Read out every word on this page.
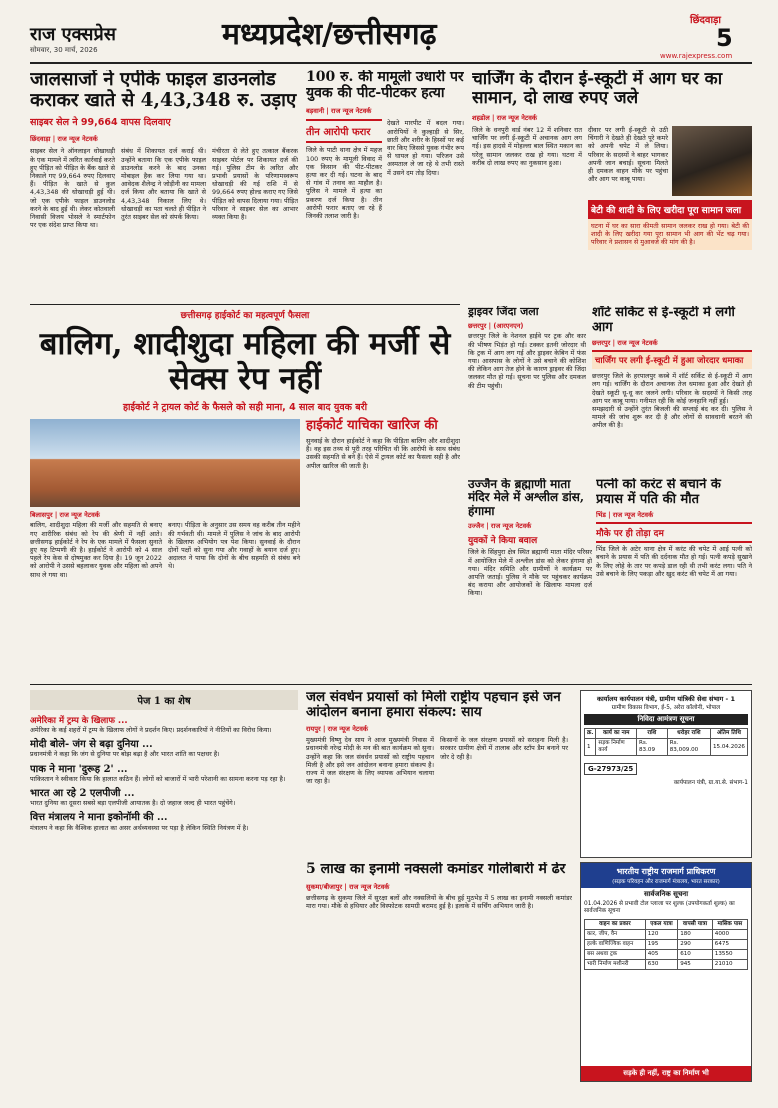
राज एक्सप्रेस
सोमवार, 30 मार्च, 2026	मध्यप्रदेश/छत्तीसगढ़	छिंदवाड़ा
5
www.rajexpress.com
जालसाजों ने एपीके फाइल डाउनलोड कराकर खाते से 4,43,348 रु. उड़ाए
साइबर सेल ने 99,664 वापस दिलवाए
छिंदवाड़ा | राज न्यूज नेटवर्क
साइबर सेल ने ऑनलाइन धोखाधड़ी के एक मामले में त्वरित कार्रवाई करते हुए पीड़ित को पीड़ित के बैंक खाते से निकाले गए 99,664 रुपए दिलवाए हैं। पीड़ित के खाते से कुल 4,43,348 की धोखाधड़ी हुई थी। जो एक एपीके फाइल डाउनलोड करने के बाद हुई थी। लेकर कोतवाली निवासी विजय भोसले ने स्मार्टफोन पर एक संदेश प्राप्त किया था।
संबंध में शिकायत दर्ज कराई थी। उन्होंने बताया कि एक एपीके फाइल डाउनलोड करने के बाद उनका मोबाइल हैक कर लिया गया था। आवेदक शैलेन्द्र ने जोड़ीनी का मामला दर्ज किया और बताया कि खाते से 4,43,348 निकाल लिए थे। धोखाधड़ी का पता चलते ही पीड़ित ने तुरंत साइबर सेल को संपर्क किया।
मंचीरता से लेते हुए तत्काल बैंकरक साइबर पोर्टल पर शिकायत दर्ज की गई। पुलिस टीम के त्वरित और प्रभावी प्रयासों के परिणामस्वरूप धोखाधड़ी की गई राशि में से 99,664 रुपए होल्ड कराए गए जिसे पीड़ित को वापस दिलाया गया। पीड़ित परिवार ने साइबर सेल का आभार व्यक्त किया है।
100 रु. की मामूली उधारी पर युवक की पीट-पीटकर हत्या
बड़वानी | राज न्यूज नेटवर्क
तीन आरोपी फरार
जिले के पाटी थाना क्षेत्र में महज 100 रुपए के मामूली विवाद में एक किसान की पीट-पीटकर हत्या कर दी गई। घटना के बाद से गांव में तनाव का माहौल है। पुलिस ने मामले में हत्या का प्रकरण दर्ज किया है। तीन आरोपी फरार बताए जा रहे हैं जिनकी तलाश जारी है।
देखते मारपीट में बदल गया। आरोपियों ने कुल्हाड़ी से सिर, छाती और शरीर के हिस्सों पर कई वार किए जिससे युवक गंभीर रूप से घायल हो गया। परिजन उसे अस्पताल ले जा रहे थे तभी रास्ते में उसने दम तोड़ दिया।
चार्जिंग के दौरान ई-स्कूटी में आग घर का सामान, दो लाख रुपए जले
शहडोल | राज न्यूज नेटवर्क
जिले के धनपुरी वार्ड नंबर 12 में शनिवार रात चार्जिंग पर लगी ई-स्कूटी में अचानक आग लग गई। इस हादसे में मोहल्ला बाल स्थित मकान का घरेलू सामान जलकर राख हो गया। घटना में करीब दो लाख रुपए का नुकसान हुआ।
दीवार पर लगी ई-स्कूटी से उठी चिंगारी ने देखते ही देखते पूरे कमरे को अपनी चपेट में ले लिया। परिवार के सदस्यों ने बाहर भागकर अपनी जान बचाई। सूचना मिलते ही दमकल वाहन मौके पर पहुंचा और आग पर काबू पाया।
बेटी की शादी के लिए खरीदा पूरा सामान जला
घटना में घर का सारा कीमती सामान जलकर राख हो गया। बेटी की शादी के लिए खरीदा गया पूरा सामान भी आग की भेंट चढ़ गया। परिवार ने प्रशासन से मुआवजे की मांग की है।
छत्तीसगढ़ हाईकोर्ट का महत्वपूर्ण फैसला
बालिग, शादीशुदा महिला की मर्जी से सेक्स रेप नहीं
हाईकोर्ट ने ट्रायल कोर्ट के फैसले को सही माना, 4 साल बाद युवक बरी
बिलासपुर | राज न्यूज नेटवर्क
बालिग, शादीशुदा महिला की मर्जी और सहमति से बनाए गए शारीरिक संबंध को रेप की श्रेणी में नहीं आते। छत्तीसगढ़ हाईकोर्ट ने रेप के एक मामले में फैसला सुनाते हुए यह टिप्पणी की है। हाईकोर्ट ने आरोपी को 4 साल पहले रेप केस से दोषमुक्त कर दिया है। 19 जून 2022 को आरोपी ने उससे बहलाकर युवक और महिला को अपने साथ ले गया था।
बनाए। पीड़िता के अनुसार उस समय वह करीब तीन महीने की गर्भवती थी। मामले में पुलिस ने जांच के बाद आरोपी के खिलाफ अभियोग पत्र पेश किया। सुनवाई के दौरान दोनों पक्षों को सुना गया और गवाहों के बयान दर्ज हुए। अदालत ने पाया कि दोनों के बीच सहमति से संबंध बने थे।
हाईकोर्ट याचिका खारिज की
सुनवाई के दौरान हाईकोर्ट ने कहा कि पीड़िता बालिग और शादीशुदा है। वह इस तथ्य से पूरी तरह परिचित थी कि आरोपी के साथ संबंध उसकी सहमति से बने हैं। ऐसे में ट्रायल कोर्ट का फैसला सही है और अपील खारिज की जाती है।
ड्राइवर जिंदा जला
छत्तरपुर | (आरएनएन)
छत्तरपुर जिले के नेशनल हाईवे पर ट्रक और कार की भीषण भिड़ंत हो गई। टक्कर इतनी जोरदार थी कि ट्रक में आग लग गई और ड्राइवर केबिन में फंस गया। आसपास के लोगों ने उसे बचाने की कोशिश की लेकिन आग तेज होने के कारण ड्राइवर की जिंदा जलकर मौत हो गई। सूचना पर पुलिस और दमकल की टीम पहुंची।
शॉर्ट सर्किट से ई-स्कूटी में लगी आग
छत्तरपुर | राज न्यूज नेटवर्क
चार्जिंग पर लगी ई-स्कूटी में हुआ जोरदार धमाका
छत्तरपुर जिले के हरपालपुर कस्बे में शॉर्ट सर्किट से ई-स्कूटी में आग लग गई। चार्जिंग के दौरान अचानक तेज धमाका हुआ और देखते ही देखते स्कूटी धू-धू कर जलने लगी। परिवार के सदस्यों ने किसी तरह आग पर काबू पाया। गनीमत रही कि कोई जनहानि नहीं हुई।
समझदारी से उन्होंने तुरंत बिजली की सप्लाई बंद कर दी। पुलिस ने मामले की जांच शुरू कर दी है और लोगों से सावधानी बरतने की अपील की है।
उज्जैन के ब्रह्माणी माता मंदिर मेले में अश्लील डांस, हंगामा
उज्जैन | राज न्यूज नेटवर्क
युवकों ने किया बवाल
जिले के सिंहपुरा क्षेत्र स्थित ब्रह्माणी माता मंदिर परिसर में आयोजित मेले में अश्लील डांस को लेकर हंगामा हो गया। मंदिर समिति और ग्रामीणों ने कार्यक्रम पर आपत्ति जताई। पुलिस ने मौके पर पहुंचकर कार्यक्रम बंद कराया और आयोजकों के खिलाफ मामला दर्ज किया।
पत्नी को करंट से बचाने के प्रयास में पति की मौत
भिंड | राज न्यूज नेटवर्क
मौके पर ही तोड़ा दम
भिंड जिले के अटेर थाना क्षेत्र में करंट की चपेट में आई पत्नी को बचाने के प्रयास में पति की दर्दनाक मौत हो गई। पत्नी कपड़े सुखाने के लिए लोहे के तार पर कपड़े डाल रही थी तभी करंट लगा। पति ने उसे बचाने के लिए पकड़ा और खुद करंट की चपेट में आ गया।
पेज 1 का शेष
अमेरिका में ट्रम्प के खिलाफ ...
अमेरिका के कई शहरों में ट्रम्प के खिलाफ लोगों ने प्रदर्शन किए। प्रदर्शनकारियों ने नीतियों का विरोध किया।
मोदी बोले- जंग से बढ़ा दुनिया ...
प्रधानमंत्री ने कहा कि जंग से दुनिया पर बोझ बढ़ा है और भारत शांति का पक्षधर है।
पाक ने माना 'दुरूह 2' ...
पाकिस्तान ने स्वीकार किया कि हालात कठिन हैं। लोगों को बाजारों में भारी परेशानी का सामना करना पड़ रहा है।
भारत आ रहे 2 एलपीजी ...
भारत दुनिया का दूसरा सबसे बड़ा एलपीजी आयातक है। दो जहाज जल्द ही भारत पहुंचेंगे।
वित्त मंत्रालय ने माना इकोनॉमी की ...
मंत्रालय ने कहा कि वैश्विक हालात का असर अर्थव्यवस्था पर पड़ा है लेकिन स्थिति नियंत्रण में है।
जल संवर्धन प्रयासों को मिली राष्ट्रीय पहचान इसे जन आंदोलन बनाना हमारा संकल्प: साय
रायपुर | राज न्यूज नेटवर्क
मुख्यमंत्री विष्णु देव साय ने आज मुख्यमंत्री निवास में प्रधानमंत्री नरेन्द्र मोदी के मन की बात कार्यक्रम को सुना। उन्होंने कहा कि जल संवर्धन प्रयासों को राष्ट्रीय पहचान मिली है और इसे जन आंदोलन बनाना हमारा संकल्प है। राज्य में जल संरक्षण के लिए व्यापक अभियान चलाया जा रहा है।
किसानों के जल संरक्षण प्रयासों को सराहना मिली है। सरकार ग्रामीण क्षेत्रों में तालाब और स्टॉप डैम बनाने पर जोर दे रही है।
5 लाख का इनामी नक्सली कमांडर गोलीबारी में ढेर
सुकमा/बीजापुर | राज न्यूज नेटवर्क
छत्तीसगढ़ के सुकमा जिले में सुरक्षा बलों और नक्सलियों के बीच हुई मुठभेड़ में 5 लाख का इनामी नक्सली कमांडर मारा गया। मौके से हथियार और विस्फोटक सामग्री बरामद हुई है। इलाके में सर्चिंग अभियान जारी है।
कार्यालय कार्यपालन यंत्री, ग्रामीण यांत्रिकी सेवा संभाग - 1
ग्रामीण विकास विभाग, ई-5, अरेरा कॉलोनी, भोपाल
निविदा आमंत्रण सूचना
क्र.	कार्य का नाम	राशि	धरोहर राशि	अंतिम तिथि
1	सड़क निर्माण कार्य	Rs. 83.09	Rs. 83,009.00	15.04.2026
G-27973/25
कार्यपालन यंत्री, ग्रा.या.से. संभाग-1
भारतीय राष्ट्रीय राजमार्ग प्राधिकरण
(सड़क परिवहन और राजमार्ग मंत्रालय, भारत सरकार)
सार्वजनिक सूचना
01.04.2026 से प्रभावी टोल प्लाजा पर शुल्क (उपयोगकर्ता शुल्क) का सार्वजनिक सूचना
वाहन का प्रकार	एकल यात्रा	वापसी यात्रा	मासिक पास
कार, जीप, वैन	120	180	4000
हल्के वाणिज्यिक वाहन	195	290	6475
बस अथवा ट्रक	405	610	13550
भारी निर्माण मशीनरी	630	945	21010
सड़के ही नहीं, राष्ट्र का निर्माण भी
